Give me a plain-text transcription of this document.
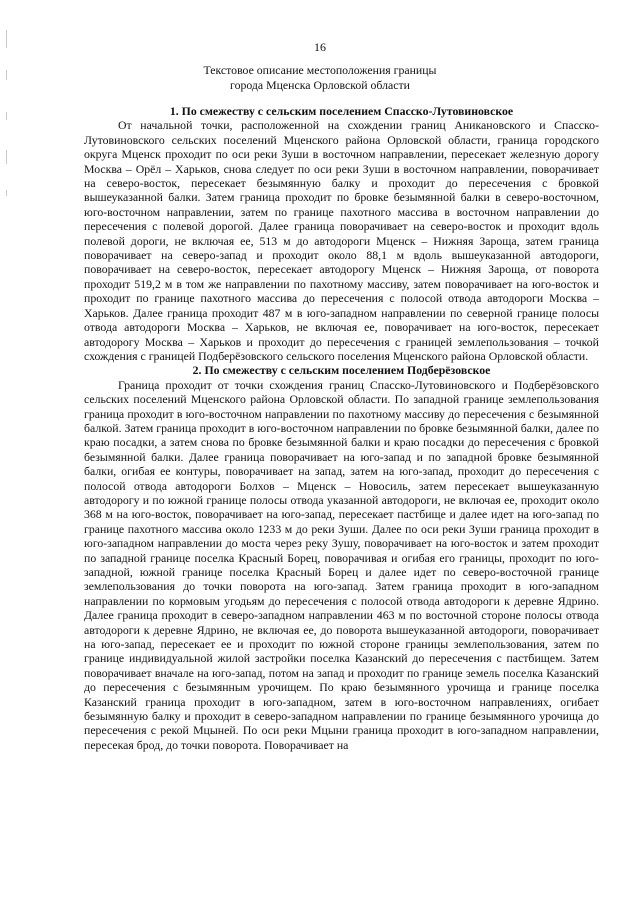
16
Текстовое описание местоположения границы
города Мценска Орловской области
1. По смежеству с сельским поселением Спасско-Лутовиновское

От начальной точки, расположенной на схождении границ Аникановского и Спасско-Лутовиновского сельских поселений Мценского района Орловской области, граница городского округа Мценск проходит по оси реки Зуши в восточном направлении, пересекает железную дорогу Москва – Орёл – Харьков, снова следует по оси реки Зуши в восточном направлении, поворачивает на северо-восток, пересекает безымянную балку и проходит до пересечения с бровкой вышеуказанной балки. Затем граница проходит по бровке безымянной балки в северо-восточном, юго-восточном направлении, затем по границе пахотного массива в восточном направлении до пересечения с полевой дорогой. Далее граница поворачивает на северо-восток и проходит вдоль полевой дороги, не включая ее, 513 м до автодороги Мценск – Нижняя Зароща, затем граница поворачивает на северо-запад и проходит около 88,1 м вдоль вышеуказанной автодороги, поворачивает на северо-восток, пересекает автодорогу Мценск – Нижняя Зароща, от поворота проходит 519,2 м в том же направлении по пахотному массиву, затем поворачивает на юго-восток и проходит по границе пахотного массива до пересечения с полосой отвода автодороги Москва – Харьков. Далее граница проходит 487 м в юго-западном направлении по северной границе полосы отвода автодороги Москва – Харьков, не включая ее, поворачивает на юго-восток, пересекает автодорогу Москва – Харьков и проходит до пересечения с границей землепользования – точкой схождения с границей Подберёзовского сельского поселения Мценского района Орловской области.

2. По смежеству с сельским поселением Подберёзовское

Граница проходит от точки схождения границ Спасско-Лутовиновского и Подберёзовского сельских поселений Мценского района Орловской области. По западной границе землепользования граница проходит в юго-восточном направлении по пахотному массиву до пересечения с безымянной балкой. Затем граница проходит в юго-восточном направлении по бровке безымянной балки, далее по краю посадки, а затем снова по бровке безымянной балки и краю посадки до пересечения с бровкой безымянной балки. Далее граница поворачивает на юго-запад и по западной бровке безымянной балки, огибая ее контуры, поворачивает на запад, затем на юго-запад, проходит до пересечения с полосой отвода автодороги Болхов – Мценск – Новосиль, затем пересекает вышеуказанную автодорогу и по южной границе полосы отвода указанной автодороги, не включая ее, проходит около 368 м на юго-восток, поворачивает на юго-запад, пересекает пастбище и далее идет на юго-запад по границе пахотного массива около 1233 м до реки Зуши. Далее по оси реки Зуши граница проходит в юго-западном направлении до моста через реку Зушу, поворачивает на юго-восток и затем проходит по западной границе поселка Красный Борец, поворачивая и огибая его границы, проходит по юго-западной, южной границе поселка Красный Борец и далее идет по северо-восточной границе землепользования до точки поворота на юго-запад. Затем граница проходит в юго-западном направлении по кормовым угодьям до пересечения с полосой отвода автодороги к деревне Ядрино. Далее граница проходит в северо-западном направлении 463 м по восточной стороне полосы отвода автодороги к деревне Ядрино, не включая ее, до поворота вышеуказанной автодороги, поворачивает на юго-запад, пересекает ее и проходит по южной стороне границы землепользования, затем по границе индивидуальной жилой застройки поселка Казанский до пересечения с пастбищем. Затем поворачивает вначале на юго-запад, потом на запад и проходит по границе земель поселка Казанский до пересечения с безымянным урочищем. По краю безымянного урочища и границе поселка Казанский граница проходит в юго-западном, затем в юго-восточном направлениях, огибает безымянную балку и проходит в северо-западном направлении по границе безымянного урочища до пересечения с рекой Мцыней. По оси реки Мцыни граница проходит в юго-западном направлении, пересекая брод, до точки поворота. Поворачивает на
